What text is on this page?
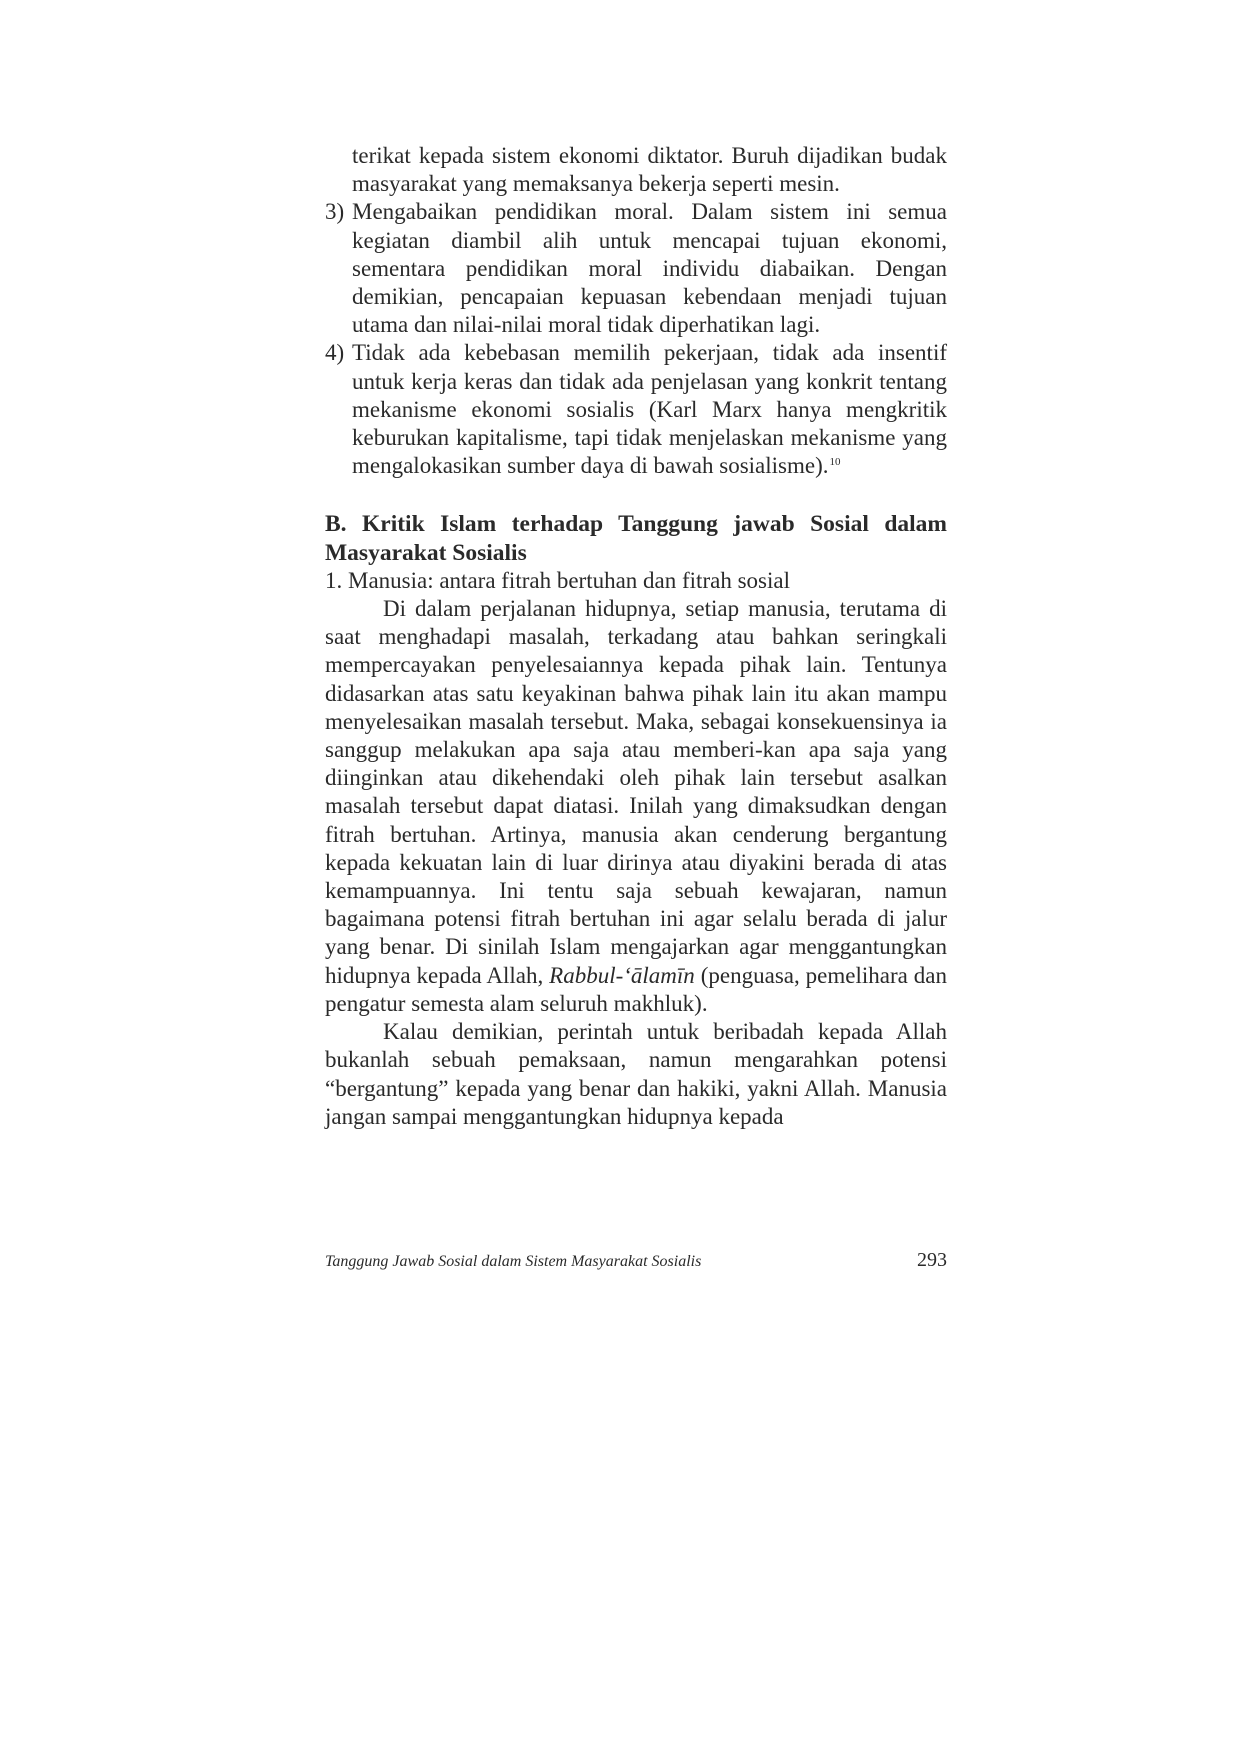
terikat kepada sistem ekonomi diktator. Buruh dijadikan budak masyarakat yang memaksanya bekerja seperti mesin.

3) Mengabaikan pendidikan moral. Dalam sistem ini semua kegiatan diambil alih untuk mencapai tujuan ekonomi, sementara pendidikan moral individu diabaikan. Dengan demikian, pencapaian kepuasan kebendaan menjadi tujuan utama dan nilai-nilai moral tidak diperhatikan lagi.
4) Tidak ada kebebasan memilih pekerjaan, tidak ada insentif untuk kerja keras dan tidak ada penjelasan yang konkrit tentang mekanisme ekonomi sosialis (Karl Marx hanya mengkritik keburukan kapitalisme, tapi tidak menjelaskan mekanisme yang mengalokasikan sumber daya di bawah sosialisme).$^{10}$
B. Kritik Islam terhadap Tanggung jawab Sosial dalam Masyarakat Sosialis

1. Manusia: antara fitrah bertuhan dan fitrah sosial

Di dalam perjalanan hidupnya, setiap manusia, terutama di saat menghadapi masalah, terkadang atau bahkan seringkali mempercayakan penyelesaiannya kepada pihak lain. Tentunya didasarkan atas satu keyakinan bahwa pihak lain itu akan mampu menyelesaikan masalah tersebut. Maka, sebagai konsekuensinya ia sanggup melakukan apa saja atau memberi-kan apa saja yang diinginkan atau dikehendaki oleh pihak lain tersebut asalkan masalah tersebut dapat diatasi. Inilah yang dimaksudkan dengan fitrah bertuhan. Artinya, manusia akan cenderung bergantung kepada kekuatan lain di luar dirinya atau diyakini berada di atas kemampuannya. Ini tentu saja sebuah kewajaran, namun bagaimana potensi fitrah bertuhan ini agar selalu berada di jalur yang benar. Di sinilah Islam mengajarkan agar menggantungkan hidupnya kepada Allah, Rabbul-‘ālamīn (penguasa, pemelihara dan pengatur semesta alam seluruh makhluk).

Kalau demikian, perintah untuk beribadah kepada Allah bukanlah sebuah pemaksaan, namun mengarahkan potensi “bergantung” kepada yang benar dan hakiki, yakni Allah. Manusia jangan sampai menggantungkan hidupnya kepada

Tanggung Jawab Sosial dalam Sistem Masyarakat Sosialis	293
